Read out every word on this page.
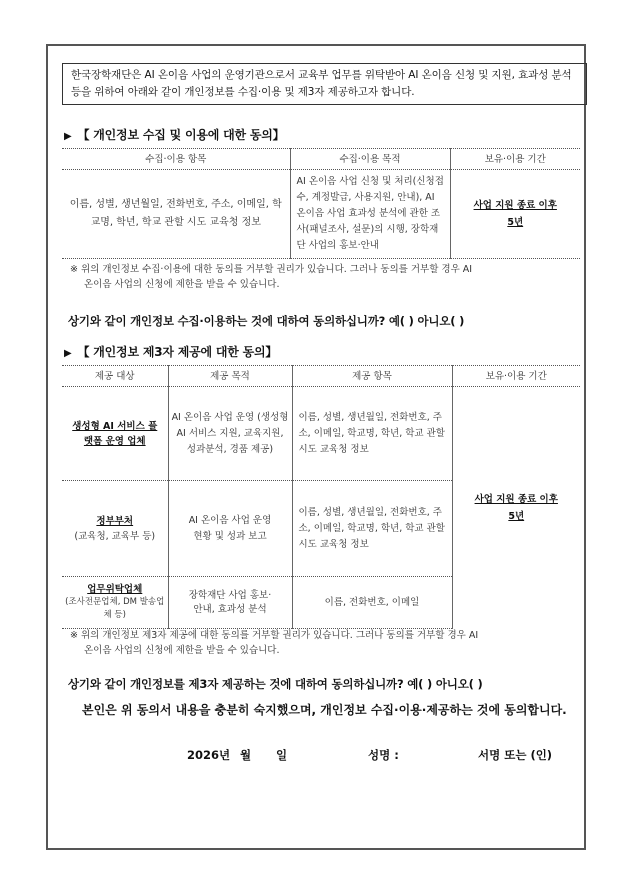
한국장학재단은 AI 온이음 사업의 운영기관으로서 교육부 업무를 위탁받아 AI 온이음 신청 및 지원, 효과성 분석 등을 위하여 아래와 같이 개인정보를 수집·이용 및 제3자 제공하고자 합니다.
▶ 【 개인정보 수집 및 이용에 대한 동의】
수집·이용 항목	수집·이용 목적	보유·이용 기간
이름, 성별, 생년월일, 전화번호, 주소, 이메일, 학교명, 학년, 학교 관할 시도 교육청 정보	AI 온이음 사업 신청 및 처리(신청접수, 계정발급, 사용지원, 안내), AI 온이음 사업 효과성 분석에 관한 조사(패널조사, 설문)의 시행, 장학재단 사업의 홍보·안내	사업 지원 종료 이후
5년
※ 위의 개인정보 수집·이용에 대한 동의를 거부할 권리가 있습니다. 그러나 동의를 거부할 경우 AI
온이음 사업의 신청에 제한을 받을 수 있습니다.
상기와 같이 개인정보 수집·이용하는 것에 대하여 동의하십니까? 예( ) 아니오( )
▶ 【 개인정보 제3자 제공에 대한 동의】
제공 대상	제공 목적	제공 항목	보유·이용 기간

생성형 AI 서비스 플랫폼 운영 업체	AI 온이음 사업 운영 (생성형 AI 서비스 지원, 교육지원, 성과분석, 경품 제공)	이름, 성별, 생년월일, 전화번호, 주소, 이메일, 학교명, 학년, 학교 관할 시도 교육청 정보	사업 지원 종료 이후
5년

정부부처
(교육청, 교육부 등)	AI 온이음 사업 운영 현황 및 성과 보고	이름, 성별, 생년월일, 전화번호, 주소, 이메일, 학교명, 학년, 학교 관할 시도 교육청 정보	

업무위탁업체
(조사전문업체, DM 발송업체 등)	장학재단 사업 홍보·안내, 효과성 분석	이름, 전화번호, 이메일	
※ 위의 개인정보 제3자 제공에 대한 동의를 거부할 권리가 있습니다. 그러나 동의를 거부할 경우 AI
온이음 사업의 신청에 제한을 받을 수 있습니다.
상기와 같이 개인정보를 제3자 제공하는 것에 대하여 동의하십니까? 예( ) 아니오( )
본인은 위 동의서 내용을 충분히 숙지했으며, 개인정보 수집·이용·제공하는 것에 동의합니다.
2026년 월 일	성명 :	서명 또는 (인)
